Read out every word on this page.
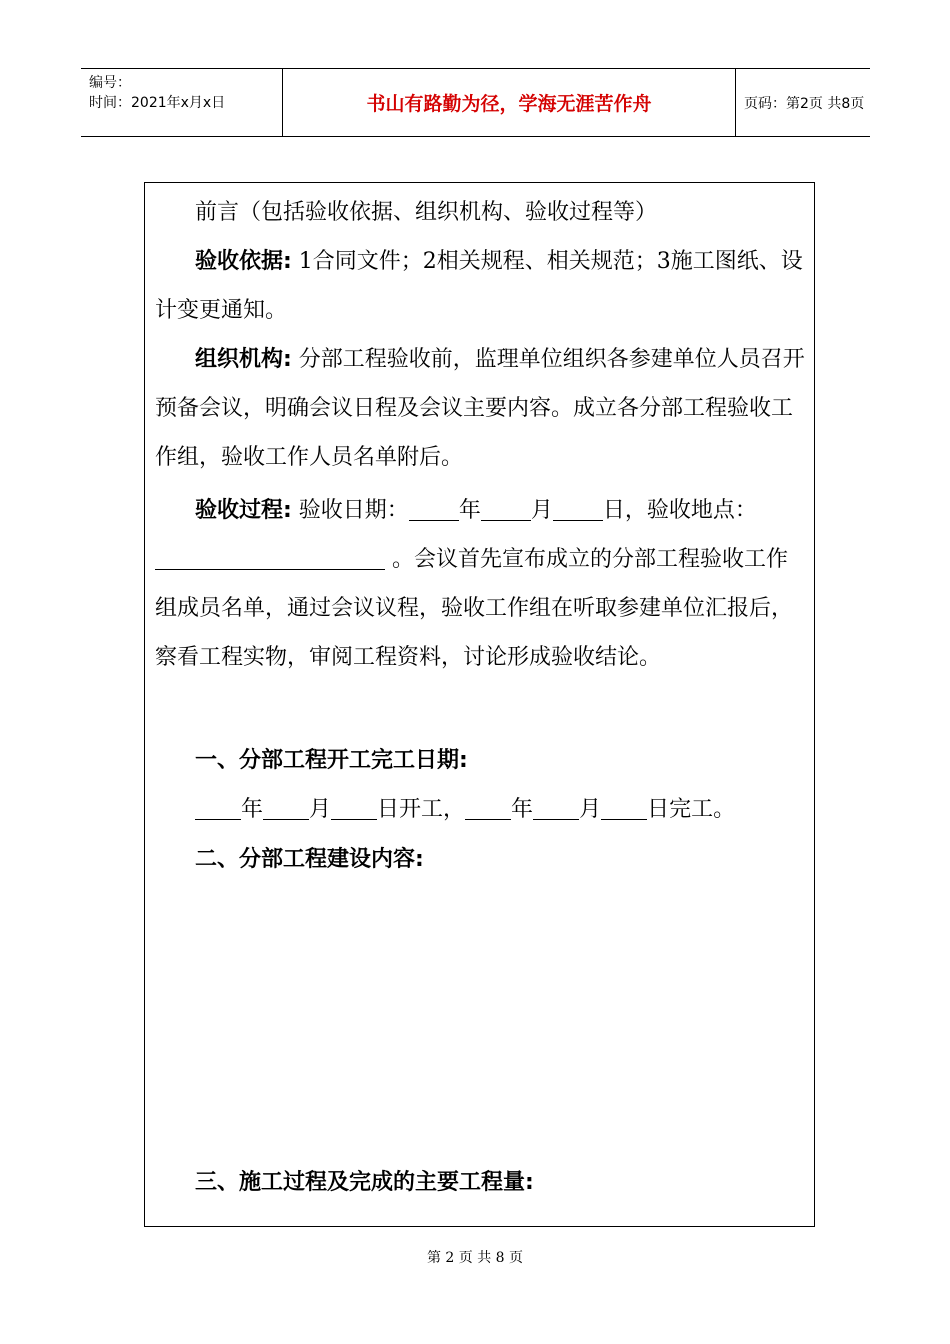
编号：
时间：2021年x月x日	书山有路勤为径，学海无涯苦作舟	页码：第2页 共8页

前言（包括验收依据、组织机构、验收过程等）

验收依据: 1合同文件；2相关规程、相关规范；3施工图纸、设计变更通知。

组织机构: 分部工程验收前，监理单位组织各参建单位人员召开预备会议，明确会议日程及会议主要内容。成立各分部工程验收工作组，验收工作人员名单附后。

验收过程: 验收日期： 年 月 日，验收地点： 。会议首先宣布成立的分部工程验收工作组成员名单，通过会议议程，验收工作组在听取参建单位汇报后，察看工程实物，审阅工程资料，讨论形成验收结论。

一、分部工程开工完工日期:

年 月 日开工， 年 月 日完工。

二、分部工程建设内容:

三、施工过程及完成的主要工程量:

第 2 页 共 8 页
